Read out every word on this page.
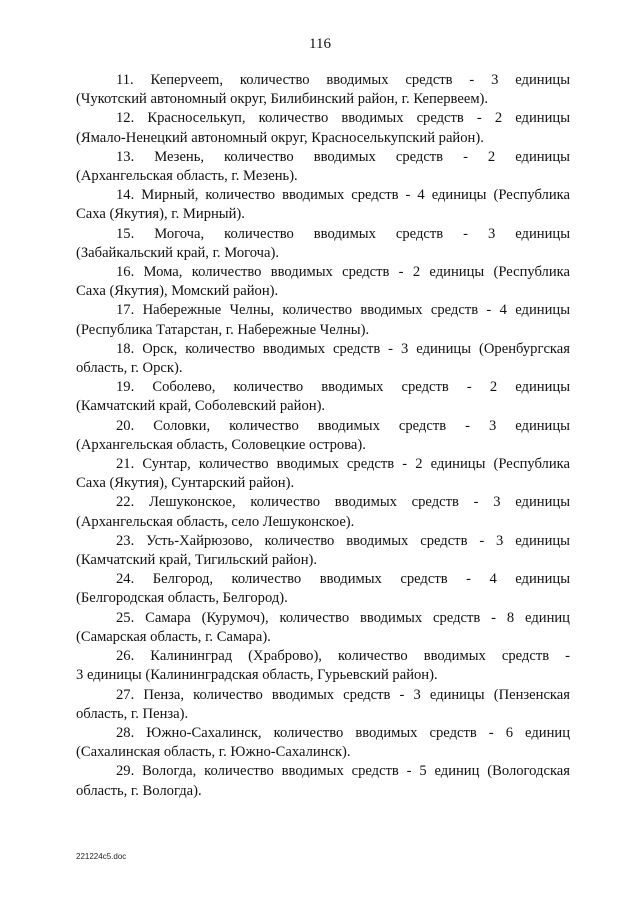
116

11. Кеперveem, количество вводимых средств - 3 единицы

(Чукотский автономный округ, Билибинский район, г. Кепервеем).

12. Красноселькуп, количество вводимых средств - 2 единицы

(Ямало-Ненецкий автономный округ, Красноселькупский район).

13. Мезень, количество вводимых средств - 2 единицы

(Архангельская область, г. Мезень).

14. Мирный, количество вводимых средств - 4 единицы (Республика

Саха (Якутия), г. Мирный).

15. Могоча, количество вводимых средств - 3 единицы

(Забайкальский край, г. Могоча).

16. Мома, количество вводимых средств - 2 единицы (Республика

Саха (Якутия), Момский район).

17. Набережные Челны, количество вводимых средств - 4 единицы

(Республика Татарстан, г. Набережные Челны).

18. Орск, количество вводимых средств - 3 единицы (Оренбургская

область, г. Орск).

19. Соболево, количество вводимых средств - 2 единицы

(Камчатский край, Соболевский район).

20. Соловки, количество вводимых средств - 3 единицы

(Архангельская область, Соловецкие острова).

21. Сунтар, количество вводимых средств - 2 единицы (Республика

Саха (Якутия), Сунтарский район).

22. Лешуконское, количество вводимых средств - 3 единицы

(Архангельская область, село Лешуконское).

23. Усть-Хайрюзово, количество вводимых средств - 3 единицы

(Камчатский край, Тигильский район).

24. Белгород, количество вводимых средств - 4 единицы

(Белгородская область, Белгород).

25. Самара (Курумоч), количество вводимых средств - 8 единиц

(Самарская область, г. Самара).

26. Калининград (Храброво), количество вводимых средств -

3 единицы (Калининградская область, Гурьевский район).

27. Пенза, количество вводимых средств - 3 единицы (Пензенская

область, г. Пенза).

28. Южно-Сахалинск, количество вводимых средств - 6 единиц

(Сахалинская область, г. Южно-Сахалинск).

29. Вологда, количество вводимых средств - 5 единиц (Вологодская

область, г. Вологда).

221224c5.doc
